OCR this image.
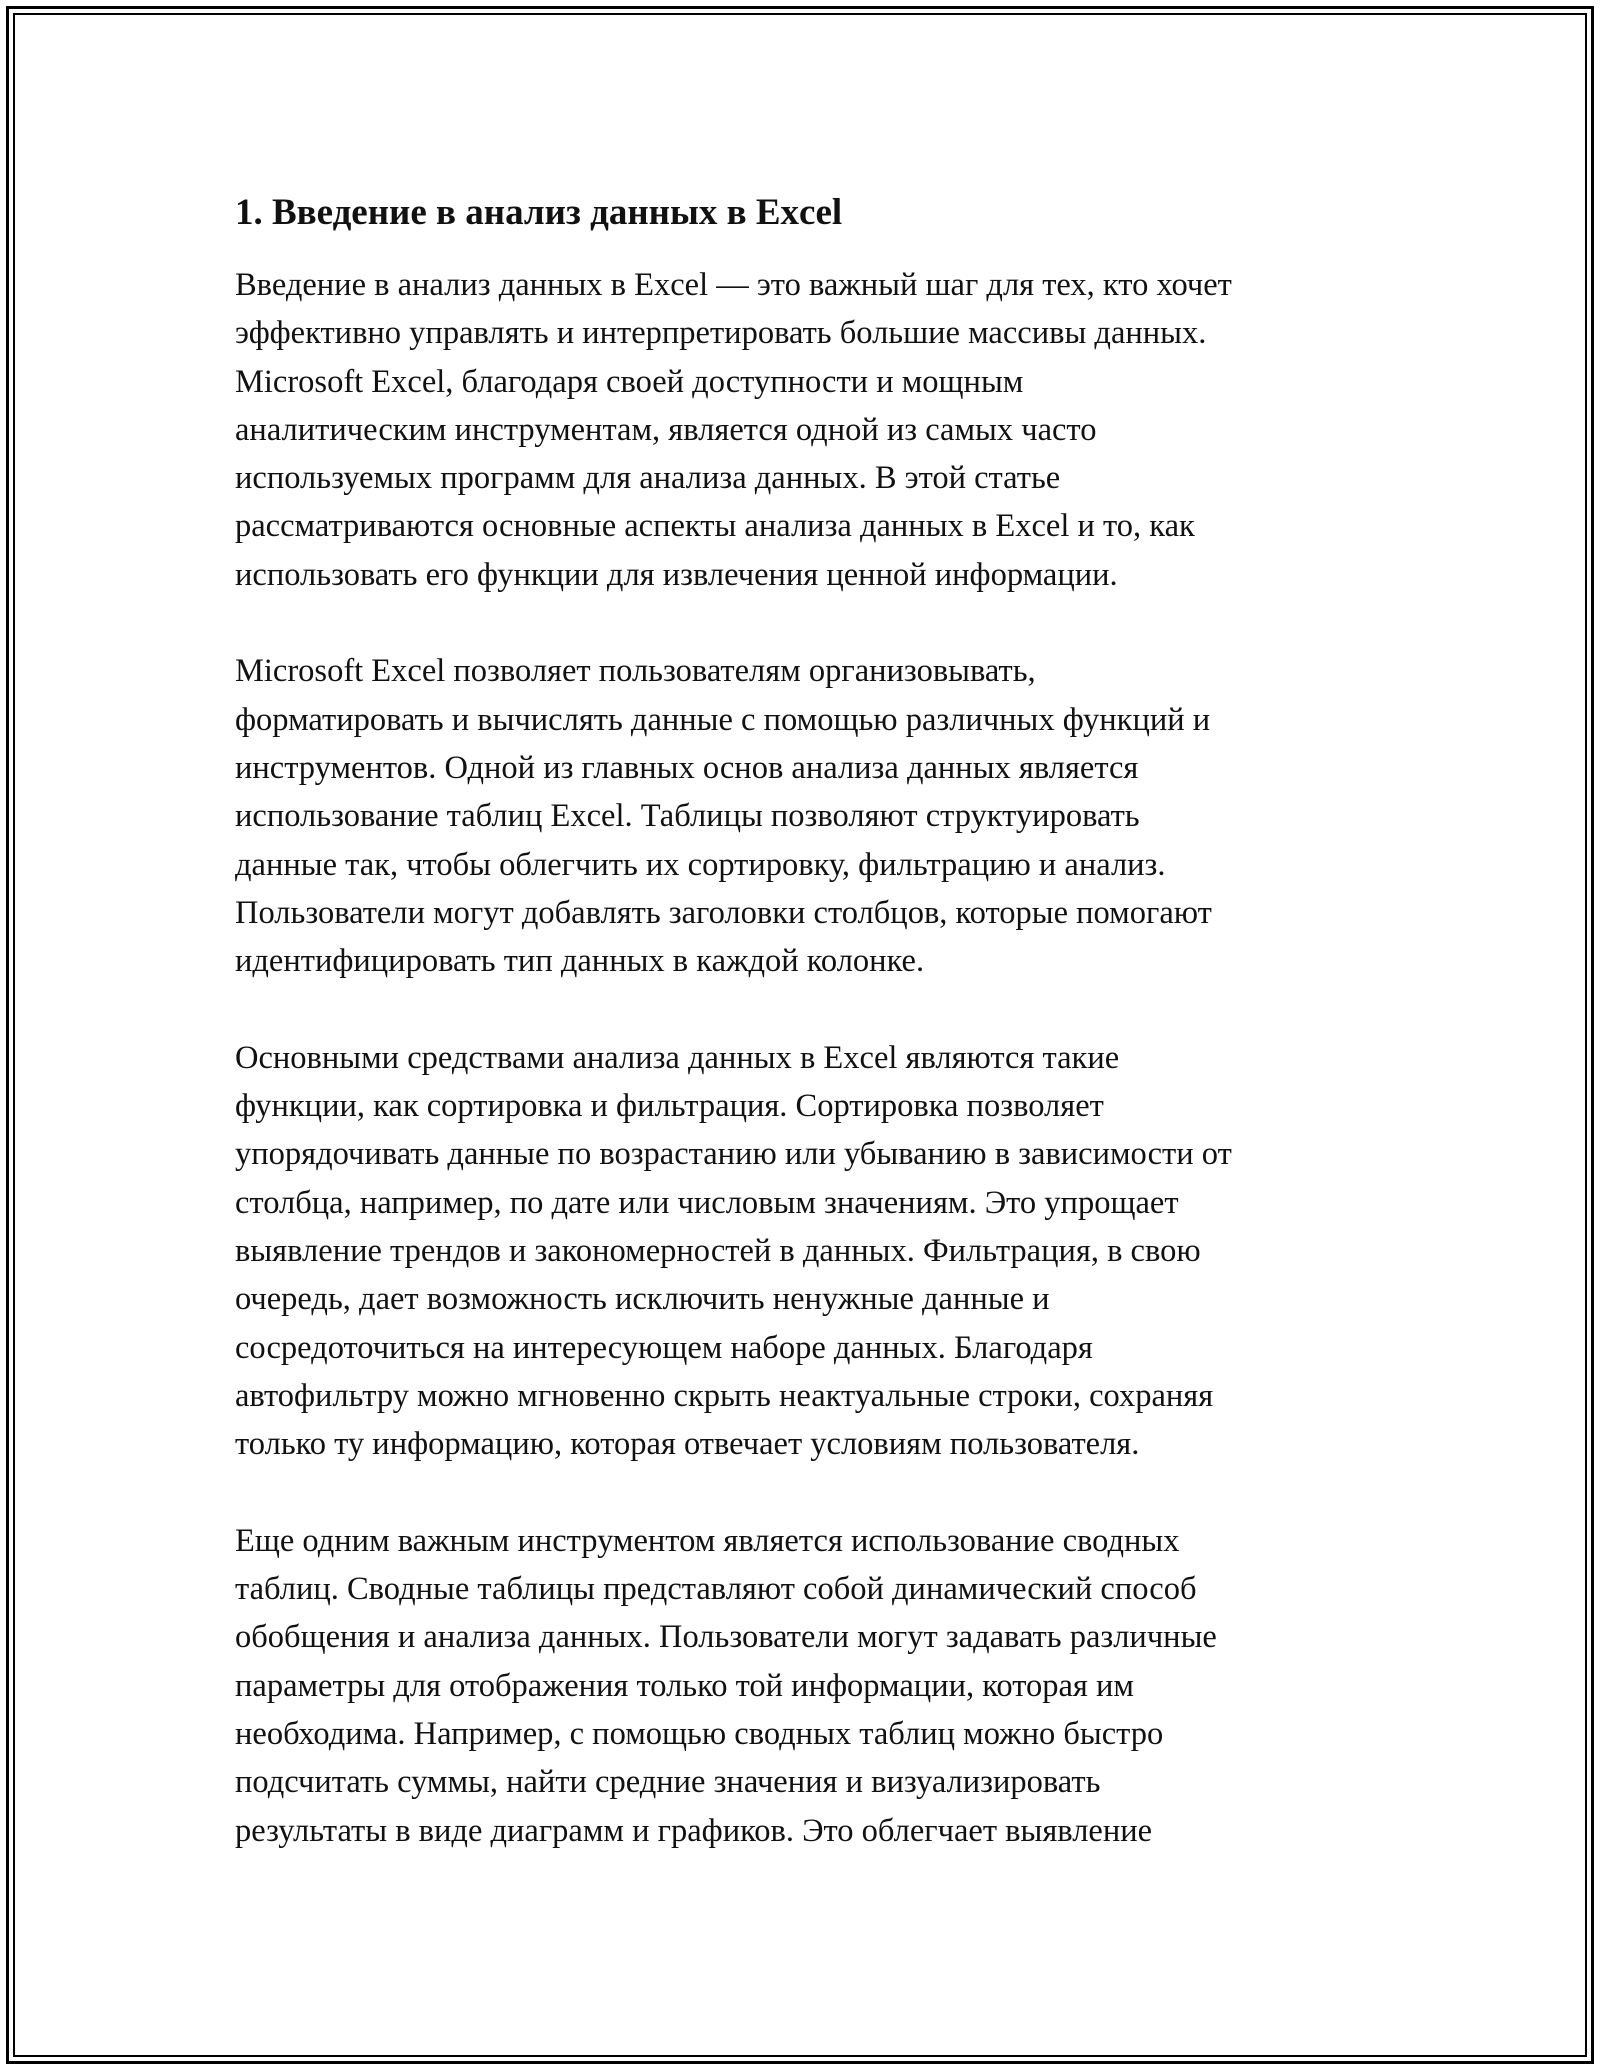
1. Введение в анализ данных в Excel
Введение в анализ данных в Excel — это важный шаг для тех, кто хочет
эффективно управлять и интерпретировать большие массивы данных.
Microsoft Excel, благодаря своей доступности и мощным
аналитическим инструментам, является одной из самых часто
используемых программ для анализа данных. В этой статье
рассматриваются основные аспекты анализа данных в Excel и то, как
использовать его функции для извлечения ценной информации.
Microsoft Excel позволяет пользователям организовывать,
форматировать и вычислять данные с помощью различных функций и
инструментов. Одной из главных основ анализа данных является
использование таблиц Excel. Таблицы позволяют структуировать
данные так, чтобы облегчить их сортировку, фильтрацию и анализ.
Пользователи могут добавлять заголовки столбцов, которые помогают
идентифицировать тип данных в каждой колонке.
Основными средствами анализа данных в Excel являются такие
функции, как сортировка и фильтрация. Сортировка позволяет
упорядочивать данные по возрастанию или убыванию в зависимости от
столбца, например, по дате или числовым значениям. Это упрощает
выявление трендов и закономерностей в данных. Фильтрация, в свою
очередь, дает возможность исключить ненужные данные и
сосредоточиться на интересующем наборе данных. Благодаря
автофильтру можно мгновенно скрыть неактуальные строки, сохраняя
только ту информацию, которая отвечает условиям пользователя.
Еще одним важным инструментом является использование сводных
таблиц. Сводные таблицы представляют собой динамический способ
обобщения и анализа данных. Пользователи могут задавать различные
параметры для отображения только той информации, которая им
необходима. Например, с помощью сводных таблиц можно быстро
подсчитать суммы, найти средние значения и визуализировать
результаты в виде диаграмм и графиков. Это облегчает выявление
